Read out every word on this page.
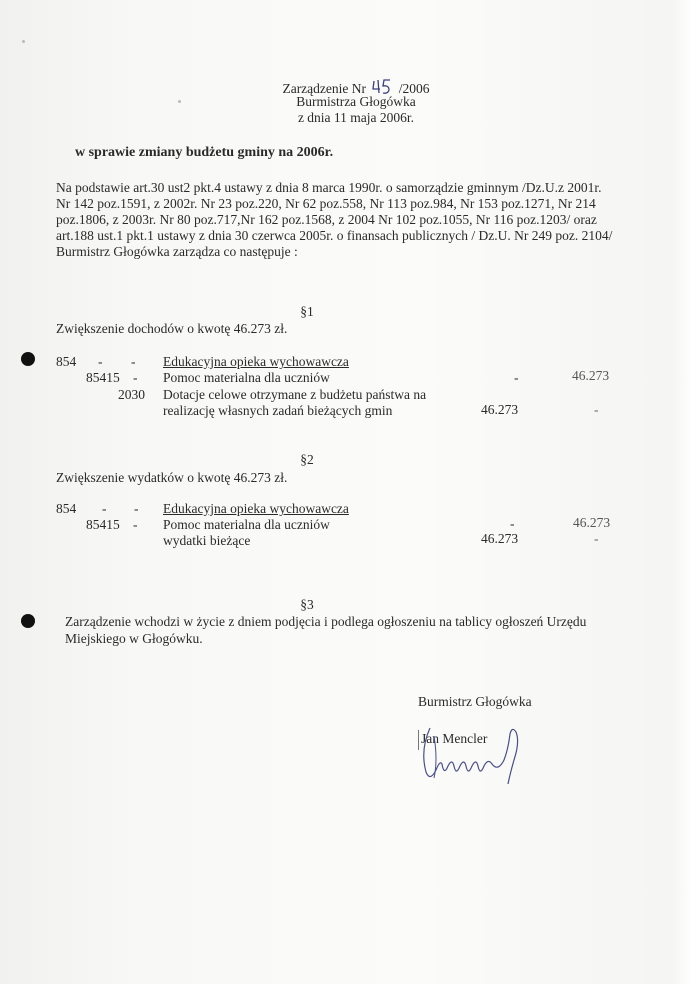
Zarządzenie Nr /2006
Burmistrza Głogówka
z dnia 11 maja 2006r.
w sprawie zmiany budżetu gminy na 2006r.
Na podstawie art.30 ust2 pkt.4 ustawy z dnia 8 marca 1990r. o samorządzie gminnym /Dz.U.z 2001r.
Nr 142 poz.1591, z 2002r. Nr 23 poz.220, Nr 62 poz.558, Nr 113 poz.984, Nr 153 poz.1271, Nr 214
poz.1806, z 2003r. Nr 80 poz.717,Nr 162 poz.1568, z 2004 Nr 102 poz.1055, Nr 116 poz.1203/ oraz
art.188 ust.1 pkt.1 ustawy z dnia 30 czerwca 2005r. o finansach publicznych / Dz.U. Nr 249 poz. 2104/
Burmistrz Głogówka zarządza co następuje :
§1
Zwiększenie dochodów o kwotę 46.273 zł.
854 - - Edukacyjna opieka wychowawcza
85415 - Pomoc materialna dla uczniów	-	46.273
2030 Dotacje celowe otrzymane z budżetu państwa na
realizację własnych zadań bieżących gmin	46.273	-
§2
Zwiększenie wydatków o kwotę 46.273 zł.
854 - - Edukacyjna opieka wychowawcza
85415 - Pomoc materialna dla uczniów	-	46.273
wydatki bieżące	46.273	-
§3
Zarządzenie wchodzi w życie z dniem podjęcia i podlega ogłoszeniu na tablicy ogłoszeń Urzędu
Miejskiego w Głogówku.
Burmistrz Głogówka
Jan Mencler
